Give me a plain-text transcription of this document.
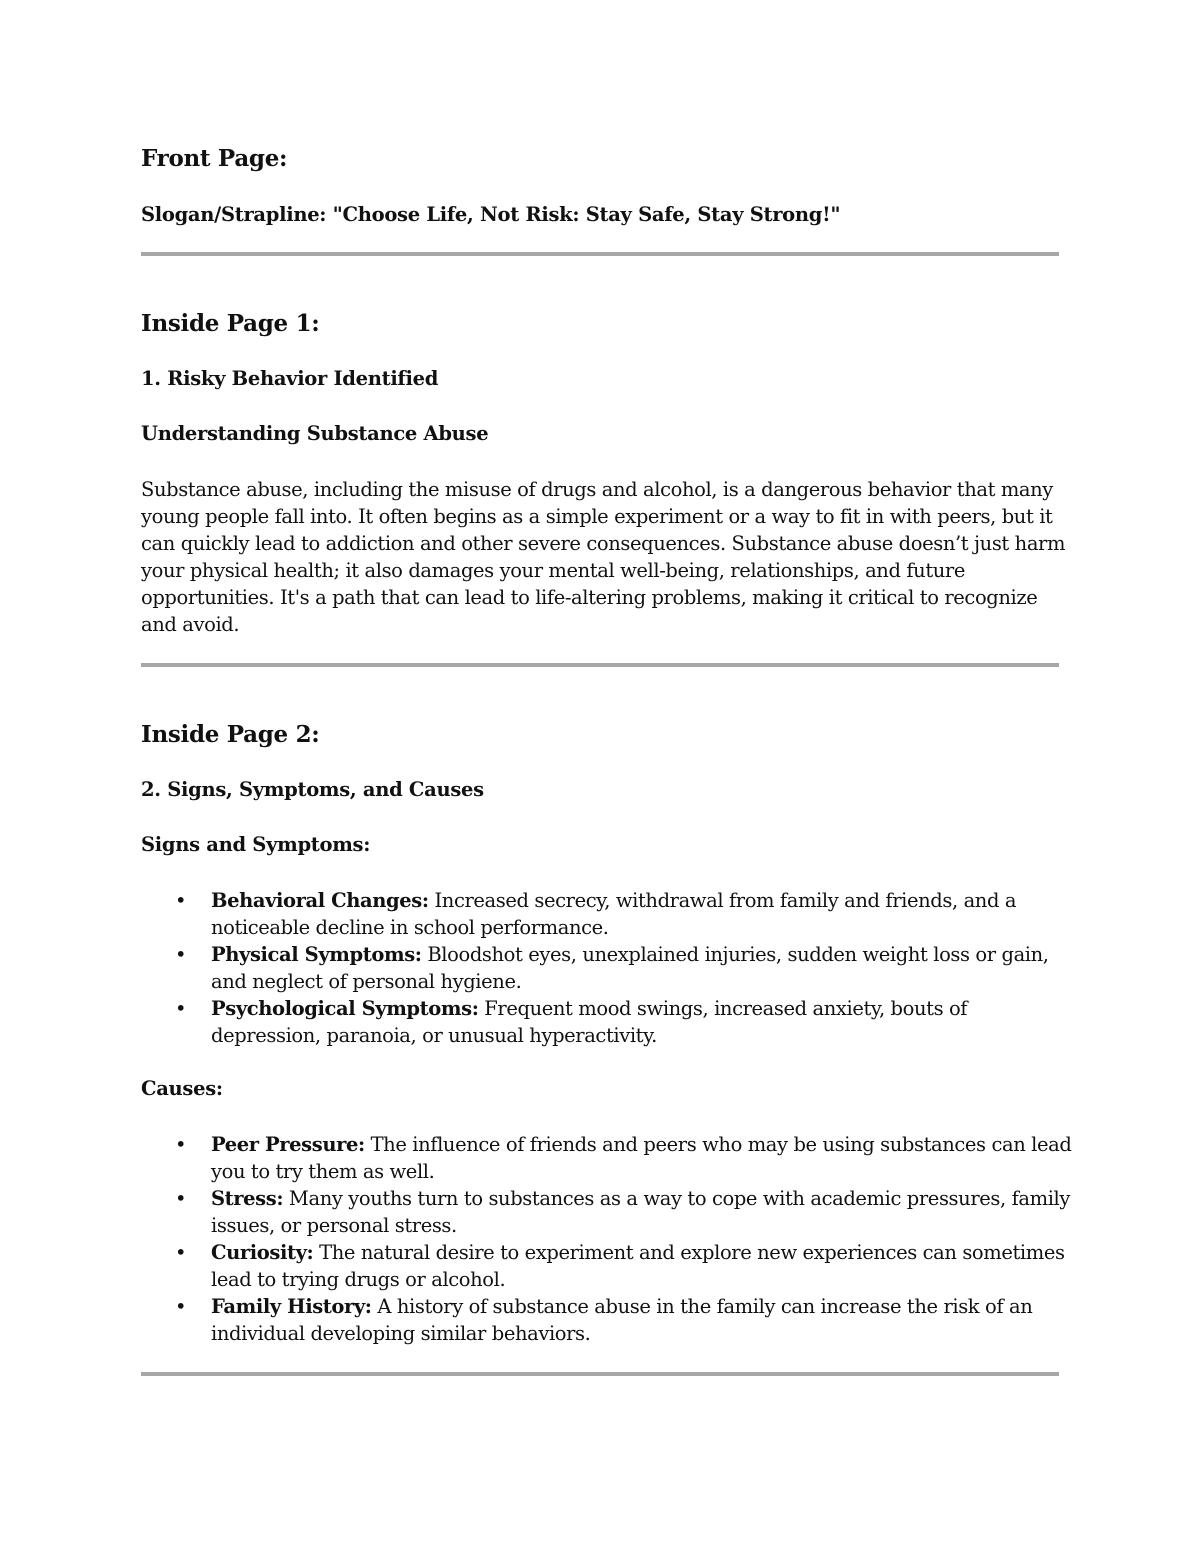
Front Page:
Slogan/Strapline: "Choose Life, Not Risk: Stay Safe, Stay Strong!"
Inside Page 1:
1. Risky Behavior Identified
Understanding Substance Abuse
Substance abuse, including the misuse of drugs and alcohol, is a dangerous behavior that many
young people fall into. It often begins as a simple experiment or a way to fit in with peers, but it
can quickly lead to addiction and other severe consequences. Substance abuse doesn’t just harm
your physical health; it also damages your mental well-being, relationships, and future
opportunities. It's a path that can lead to life-altering problems, making it critical to recognize
and avoid.
Inside Page 2:
2. Signs, Symptoms, and Causes
Signs and Symptoms:
• Behavioral Changes: Increased secrecy, withdrawal from family and friends, and a
noticeable decline in school performance.
• Physical Symptoms: Bloodshot eyes, unexplained injuries, sudden weight loss or gain,
and neglect of personal hygiene.
• Psychological Symptoms: Frequent mood swings, increased anxiety, bouts of
depression, paranoia, or unusual hyperactivity.
Causes:
• Peer Pressure: The influence of friends and peers who may be using substances can lead
you to try them as well.
• Stress: Many youths turn to substances as a way to cope with academic pressures, family
issues, or personal stress.
• Curiosity: The natural desire to experiment and explore new experiences can sometimes
lead to trying drugs or alcohol.
• Family History: A history of substance abuse in the family can increase the risk of an
individual developing similar behaviors.
